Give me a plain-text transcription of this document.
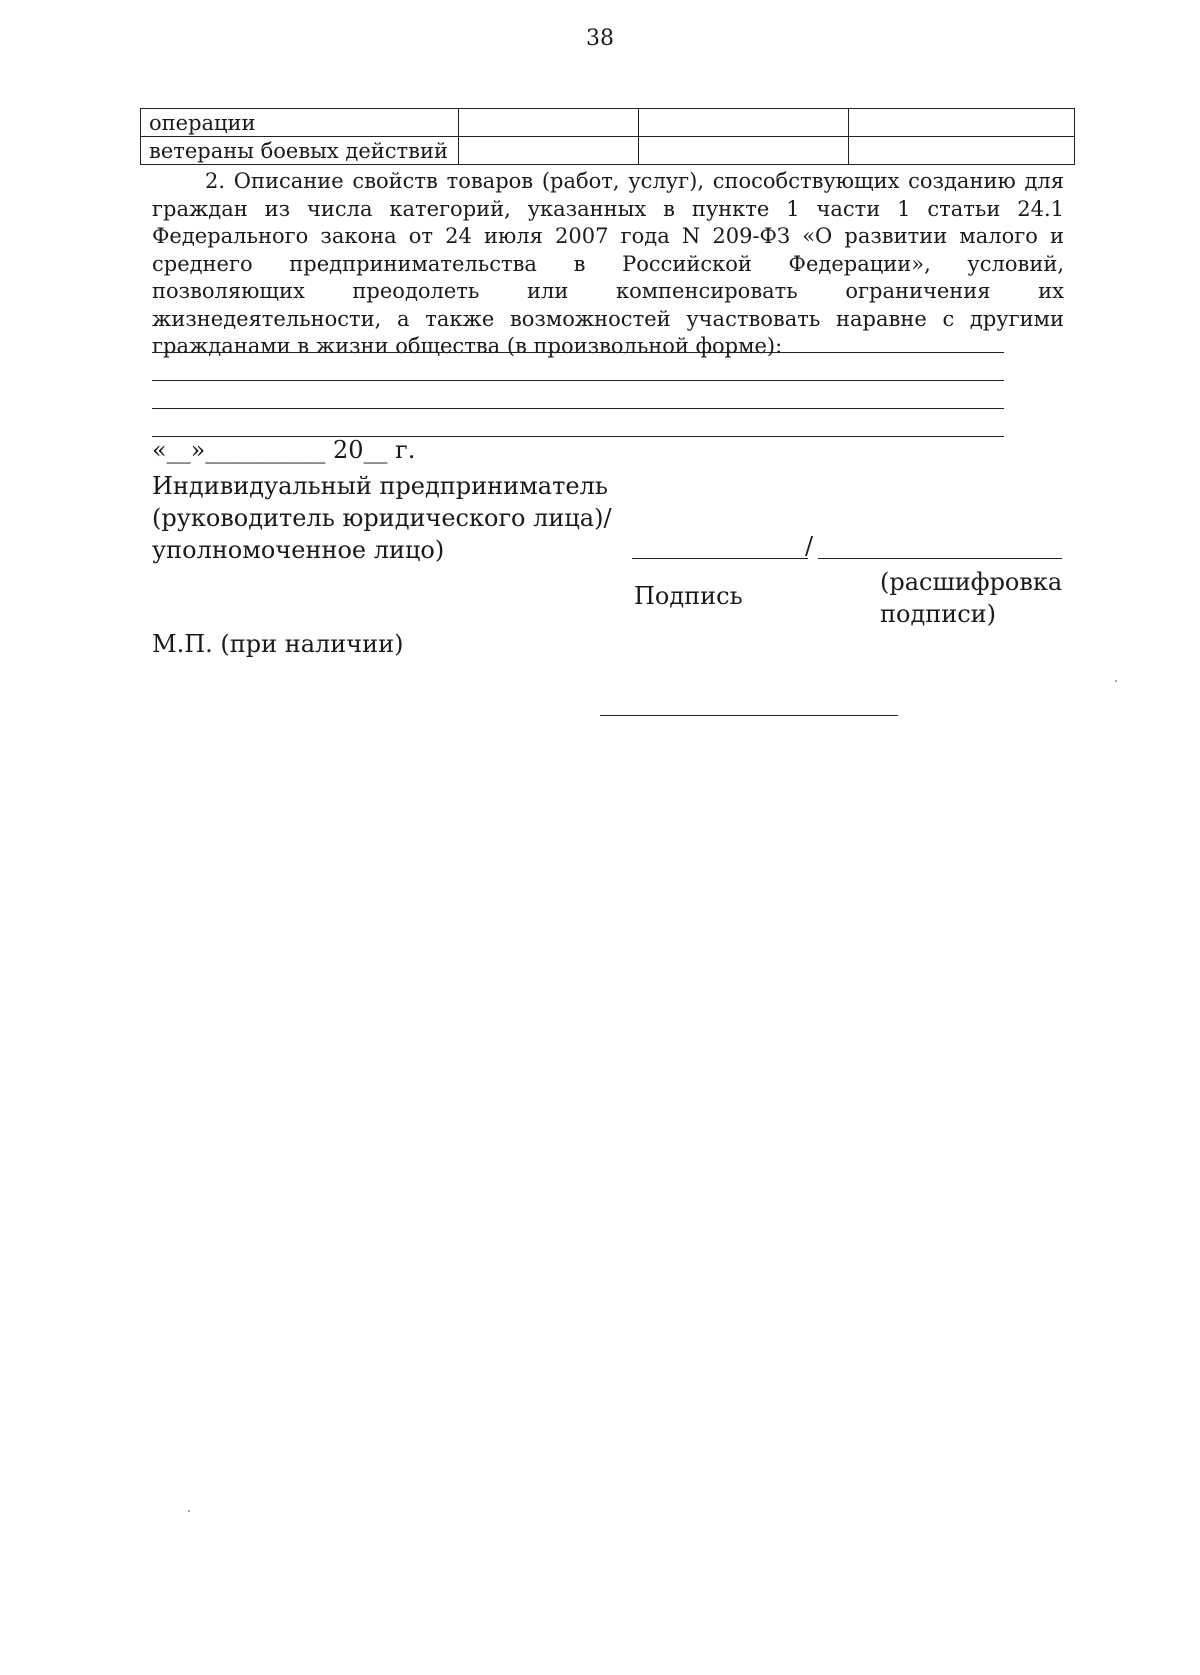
38
операции			
ветераны боевых действий			
2. Описание свойств товаров (работ, услуг), способствующих созданию для граждан из числа категорий, указанных в пункте 1 части 1 статьи 24.1 Федерального закона от 24 июля 2007 года N 209-ФЗ «О развитии малого и среднего предпринимательства в Российской Федерации», условий, позволяющих преодолеть или компенсировать ограничения их жизнедеятельности, а также возможностей участвовать наравне с другими гражданами в жизни общества (в произвольной форме):
«__»__________ 20__ г.
Индивидуальный предприниматель
(руководитель юридического лица)/
уполномоченное лицо)	/
Подпись	(расшифровка
подписи)
М.П. (при наличии)
